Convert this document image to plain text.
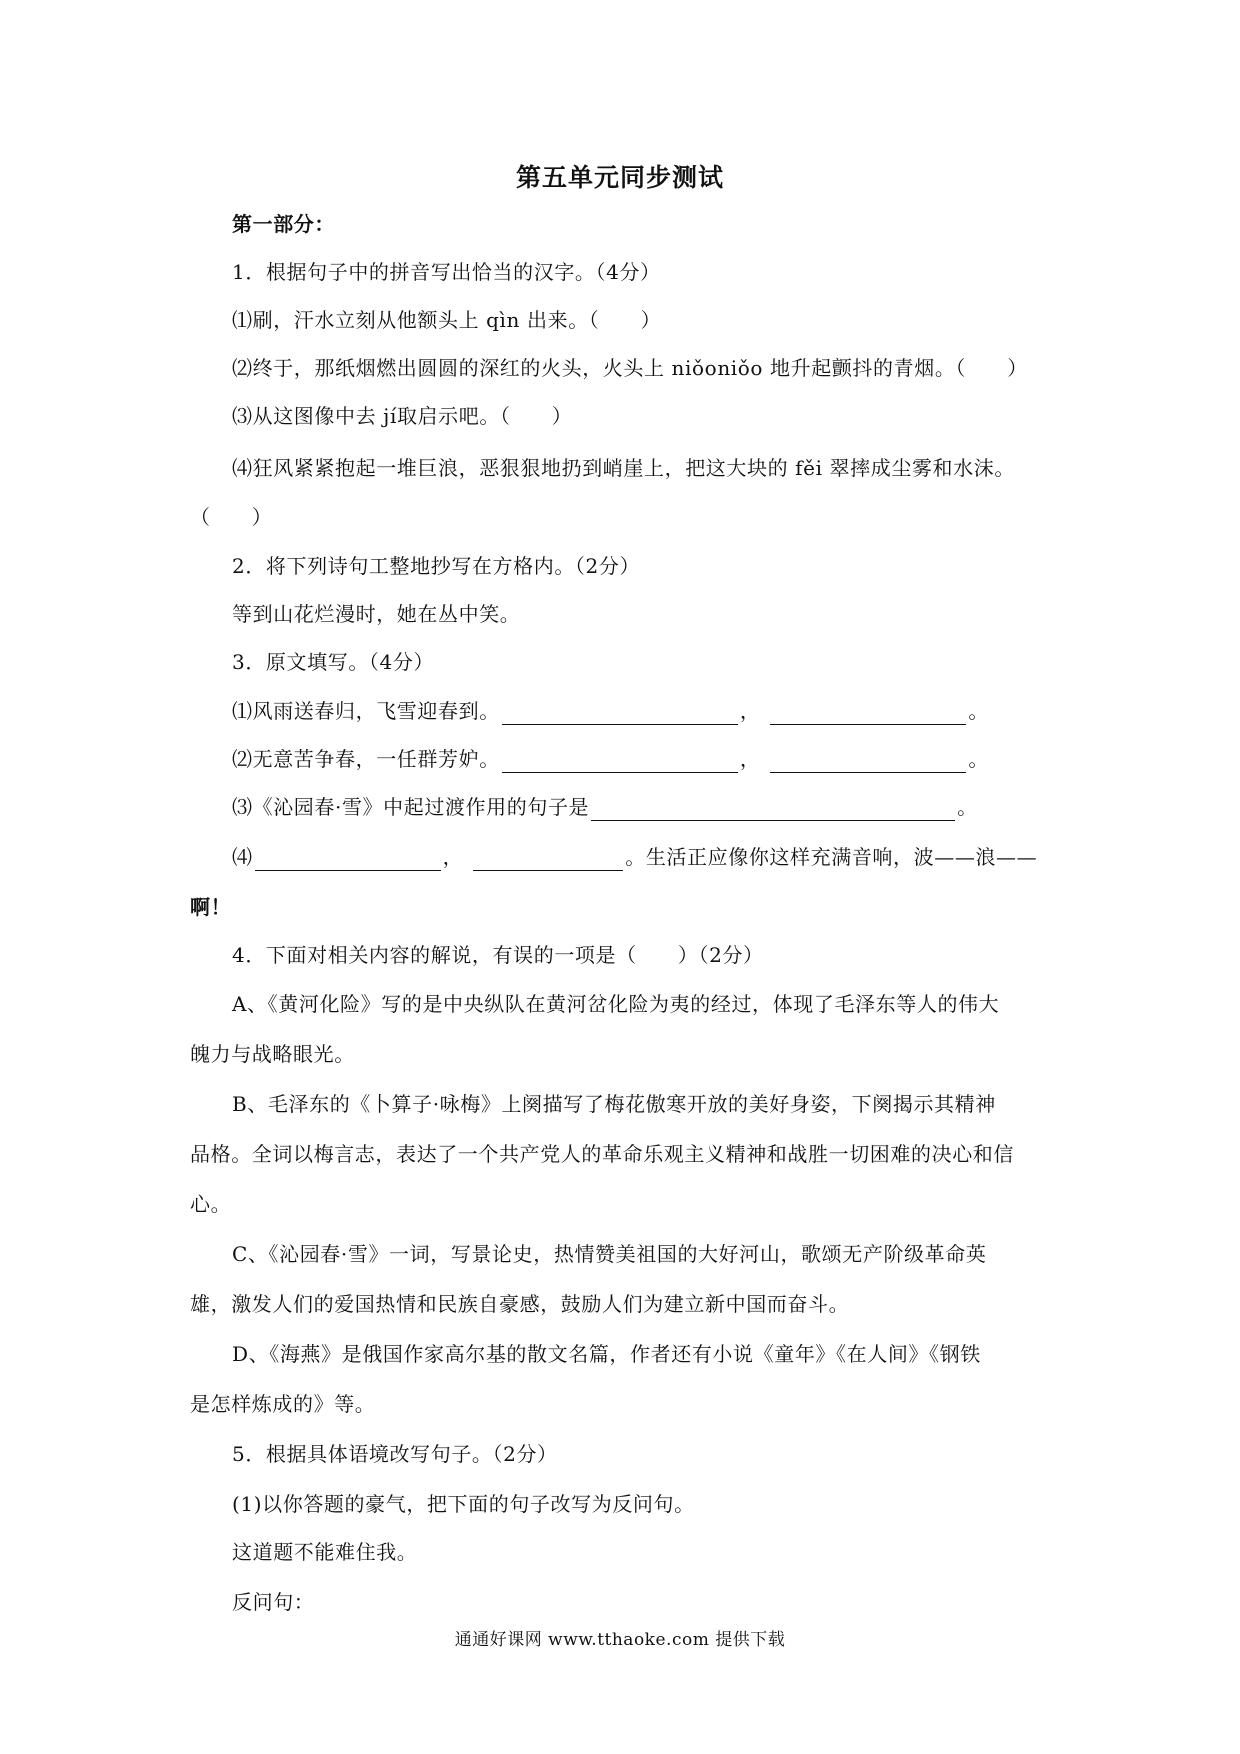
第五单元同步测试
第一部分：
1．根据句子中的拼音写出恰当的汉字。（4分）
⑴刷，汗水立刻从他额头上 qìn 出来。（　　）
⑵终于，那纸烟燃出圆圆的深红的火头，火头上 niǒoniǒo 地升起颤抖的青烟。（　　）
⑶从这图像中去 jí取启示吧。（　　）
⑷狂风紧紧抱起一堆巨浪，恶狠狠地扔到峭崖上，把这大块的 fěi 翠摔成尘雾和水沫。
（　　）
2．将下列诗句工整地抄写在方格内。（2分）
等到山花烂漫时，她在丛中笑。
3．原文填写。（4分）
⑴风雨送春归，飞雪迎春到。	，	。
⑵无意苦争春，一任群芳妒。	，	。
⑶《沁园春·雪》中起过渡作用的句子是	。
⑷	，	。生活正应像你这样充满音响，波——浪——
啊！
4．下面对相关内容的解说，有误的一项是（　　）（2分）
A、《黄河化险》写的是中央纵队在黄河岔化险为夷的经过，体现了毛泽东等人的伟大
魄力与战略眼光。
B、毛泽东的《卜算子·咏梅》上阕描写了梅花傲寒开放的美好身姿，下阕揭示其精神
品格。全词以梅言志，表达了一个共产党人的革命乐观主义精神和战胜一切困难的决心和信
心。
C、《沁园春·雪》一词，写景论史，热情赞美祖国的大好河山，歌颂无产阶级革命英
雄，激发人们的爱国热情和民族自豪感，鼓励人们为建立新中国而奋斗。
D、《海燕》是俄国作家高尔基的散文名篇，作者还有小说《童年》《在人间》《钢铁
是怎样炼成的》等。
5．根据具体语境改写句子。（2分）
(1)以你答题的豪气，把下面的句子改写为反问句。
这道题不能难住我。
反问句：
通通好课网 www.tthaoke.com 提供下载
